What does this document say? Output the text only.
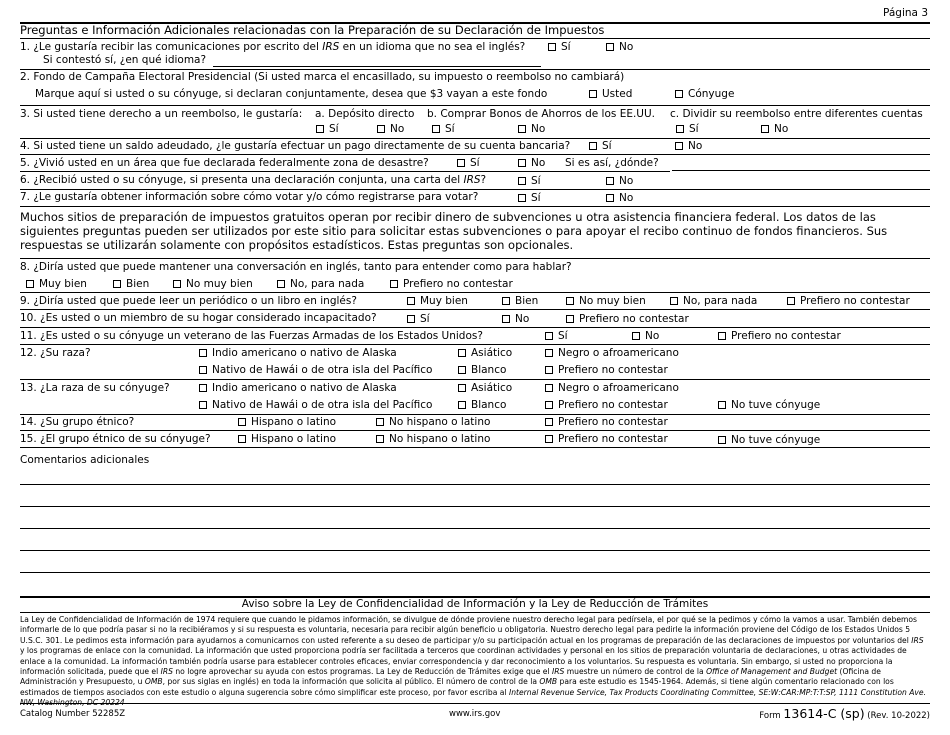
Página 3
Preguntas e Información Adicionales relacionadas con la Preparación de su Declaración de Impuestos
1. ¿Le gustaría recibir las comunicaciones por escrito del IRS en un idioma que no sea el inglés?	Sí	No
Si contestó sí, ¿en qué idioma?
2. Fondo de Campaña Electoral Presidencial (Si usted marca el encasillado, su impuesto o reembolso no cambiará)
Marque aquí si usted o su cónyuge, si declaran conjuntamente, desea que $3 vayan a este fondo	Usted	Cónyuge
3. Si usted tiene derecho a un reembolso, le gustaría: a. Depósito directo b. Comprar Bonos de Ahorros de los EE.UU. c. Dividir su reembolso entre diferentes cuentas
Sí	No	Sí	No	Sí	No
4. Si usted tiene un saldo adeudado, ¿le gustaría efectuar un pago directamente de su cuenta bancaria?	Sí	No
5. ¿Vivió usted en un área que fue declarada federalmente zona de desastre?	Sí	No Si es así, ¿dónde?
6. ¿Recibió usted o su cónyuge, si presenta una declaración conjunta, una carta del IRS?	Sí	No
7. ¿Le gustaría obtener información sobre cómo votar y/o cómo registrarse para votar?	Sí	No
Muchos sitios de preparación de impuestos gratuitos operan por recibir dinero de subvenciones u otra asistencia financiera federal. Los datos de las siguientes preguntas pueden ser utilizados por este sitio para solicitar estas subvenciones o para apoyar el recibo continuo de fondos financieros. Sus respuestas se utilizarán solamente con propósitos estadísticos. Estas preguntas son opcionales.
8. ¿Diría usted que puede mantener una conversación en inglés, tanto para entender como para hablar?
Muy bien	Bien	No muy bien	No, para nada	Prefiero no contestar
9. ¿Diría usted que puede leer un periódico o un libro en inglés?	Muy bien	Bien	No muy bien	No, para nada	Prefiero no contestar
10. ¿Es usted o un miembro de su hogar considerado incapacitado?	Sí	No	Prefiero no contestar
11. ¿Es usted o su cónyuge un veterano de las Fuerzas Armadas de los Estados Unidos?	Sí	No	Prefiero no contestar
12. ¿Su raza?	Indio americano o nativo de Alaska	Asiático	Negro o afroamericano
Nativo de Hawái o de otra isla del Pacífico	Blanco	Prefiero no contestar
13. ¿La raza de su cónyuge?	Indio americano o nativo de Alaska	Asiático	Negro o afroamericano
Nativo de Hawái o de otra isla del Pacífico	Blanco	Prefiero no contestar	No tuve cónyuge
14. ¿Su grupo étnico?	Hispano o latino	No hispano o latino	Prefiero no contestar
15. ¿El grupo étnico de su cónyuge?	Hispano o latino	No hispano o latino	Prefiero no contestar	No tuve cónyuge
Comentarios adicionales
Aviso sobre la Ley de Confidencialidad de Información y la Ley de Reducción de Trámites
La Ley de Confidencialidad de Información de 1974 requiere que cuando le pidamos información, se divulgue de dónde proviene nuestro derecho legal para pedírsela, el por qué se la pedimos y cómo la vamos a usar. También debemos informarle de lo que podría pasar si no la recibiéramos y si su respuesta es voluntaria, necesaria para recibir algún beneficio u obligatoria. Nuestro derecho legal para pedirle la información proviene del Código de los Estados Unidos 5 U.S.C. 301. Le pedimos esta información para ayudarnos a comunicarnos con usted referente a su deseo de participar y/o su participación actual en los programas de preparación de las declaraciones de impuestos por voluntarios del IRS y los programas de enlace con la comunidad. La información que usted proporciona podría ser facilitada a terceros que coordinan actividades y personal en los sitios de preparación voluntaria de declaraciones, u otras actividades de enlace a la comunidad. La información también podría usarse para establecer controles eficaces, enviar correspondencia y dar reconocimiento a los voluntarios. Su respuesta es voluntaria. Sin embargo, si usted no proporciona la información solicitada, puede que el IRS no logre aprovechar su ayuda con estos programas. La Ley de Reducción de Trámites exige que el IRS muestre un número de control de la Office of Management and Budget (Oficina de Administración y Presupuesto, u OMB, por sus siglas en inglés) en toda la información que solicita al público. El número de control de la OMB para este estudio es 1545-1964. Además, si tiene algún comentario relacionado con los estimados de tiempos asociados con este estudio o alguna sugerencia sobre cómo simplificar este proceso, por favor escriba al Internal Revenue Service, Tax Products Coordinating Committee, SE:W:CAR:MP:T:T:SP, 1111 Constitution Ave. NW, Washington, DC 20224
Catalog Number 52285Z	www.irs.gov	Form 13614-C (sp) (Rev. 10-2022)
